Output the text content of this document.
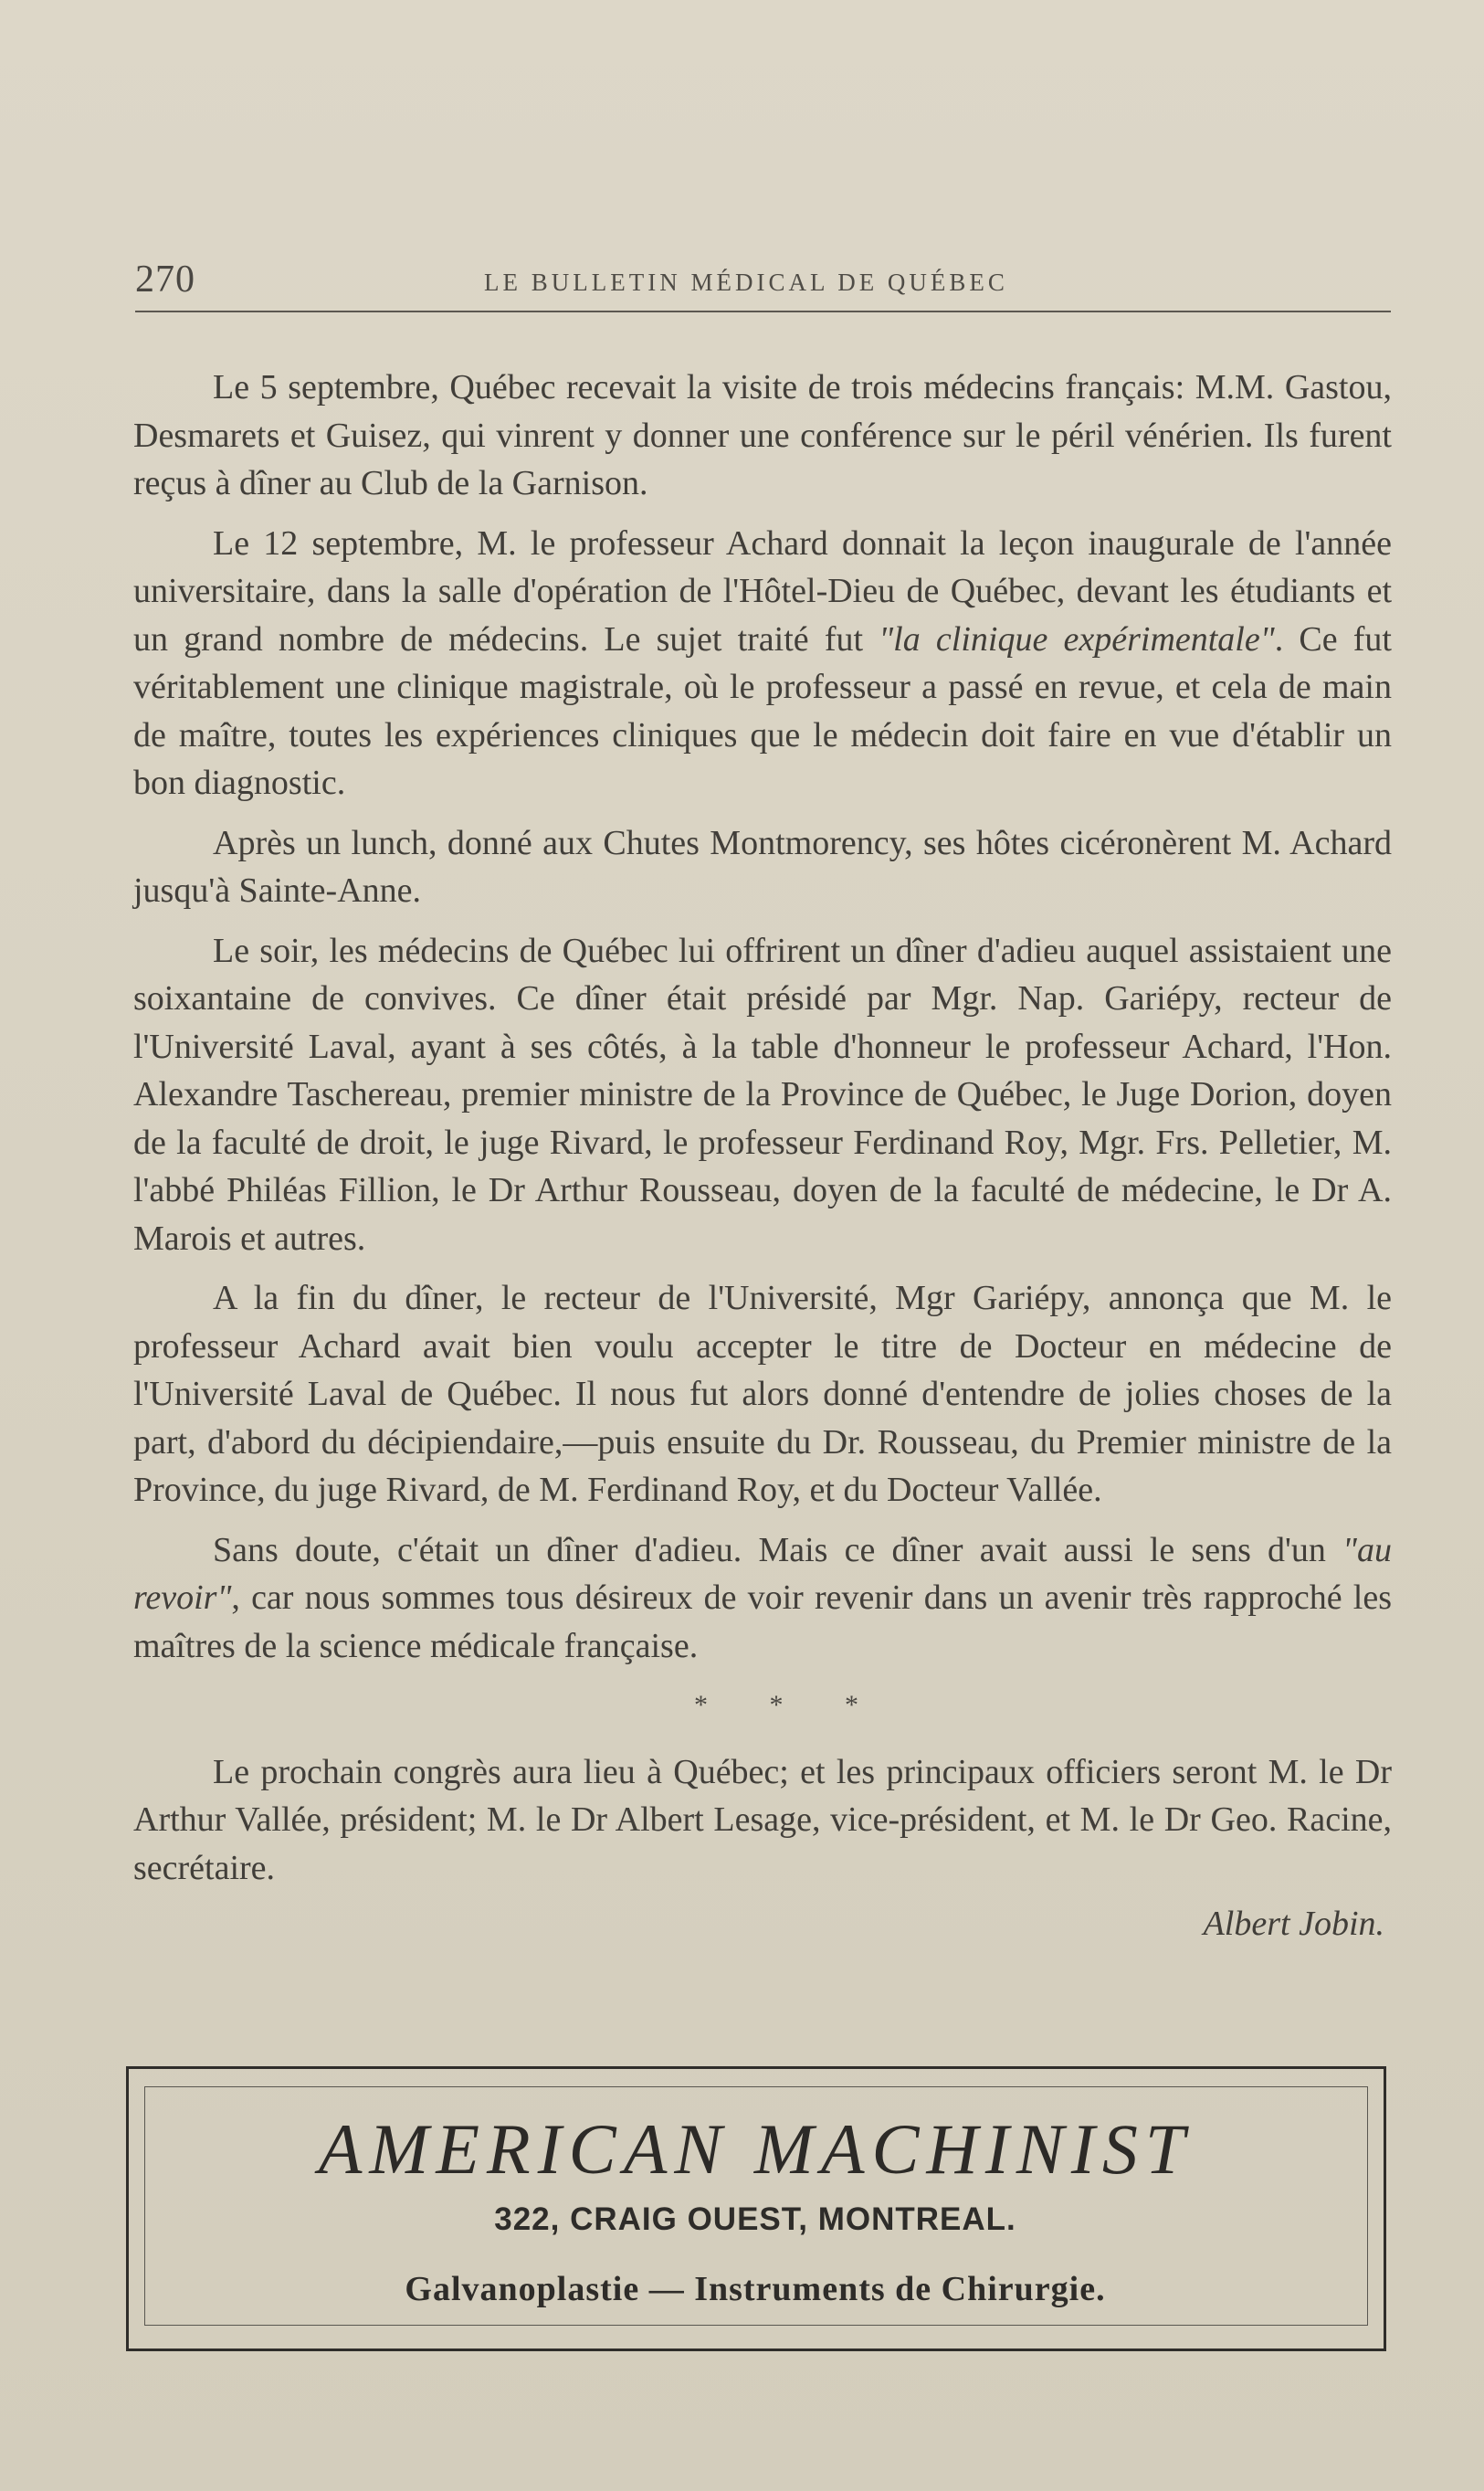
270	LE BULLETIN MÉDICAL DE QUÉBEC

Le 5 septembre, Québec recevait la visite de trois médecins français: M.M. Gastou, Desmarets et Guisez, qui vinrent y donner une conférence sur le péril vénérien. Ils furent reçus à dîner au Club de la Garnison.

Le 12 septembre, M. le professeur Achard donnait la leçon inaugurale de l'année universitaire, dans la salle d'opération de l'Hôtel-Dieu de Québec, devant les étudiants et un grand nombre de médecins. Le sujet traité fut "la clinique expérimentale". Ce fut véritablement une clinique magistrale, où le professeur a passé en revue, et cela de main de maître, toutes les expériences cliniques que le médecin doit faire en vue d'établir un bon diagnostic.

Après un lunch, donné aux Chutes Montmorency, ses hôtes cicéronèrent M. Achard jusqu'à Sainte-Anne.

Le soir, les médecins de Québec lui offrirent un dîner d'adieu auquel assistaient une soixantaine de convives. Ce dîner était présidé par Mgr. Nap. Gariépy, recteur de l'Université Laval, ayant à ses côtés, à la table d'honneur le professeur Achard, l'Hon. Alexandre Taschereau, premier ministre de la Province de Québec, le Juge Dorion, doyen de la faculté de droit, le juge Rivard, le professeur Ferdinand Roy, Mgr. Frs. Pelletier, M. l'abbé Philéas Fillion, le Dr Arthur Rousseau, doyen de la faculté de médecine, le Dr A. Marois et autres.

A la fin du dîner, le recteur de l'Université, Mgr Gariépy, annonça que M. le professeur Achard avait bien voulu accepter le titre de Docteur en médecine de l'Université Laval de Québec. Il nous fut alors donné d'entendre de jolies choses de la part, d'abord du décipiendaire,—puis ensuite du Dr. Rousseau, du Premier ministre de la Province, du juge Rivard, de M. Ferdinand Roy, et du Docteur Vallée.

Sans doute, c'était un dîner d'adieu. Mais ce dîner avait aussi le sens d'un "au revoir", car nous sommes tous désireux de voir revenir dans un avenir très rapproché les maîtres de la science médicale française.

* * *

Le prochain congrès aura lieu à Québec; et les principaux officiers seront M. le Dr Arthur Vallée, président; M. le Dr Albert Lesage, vice-président, et M. le Dr Geo. Racine, secrétaire.

Albert Jobin.
AMERICAN MACHINIST
322, CRAIG OUEST, MONTREAL.
Galvanoplastie — Instruments de Chirurgie.
